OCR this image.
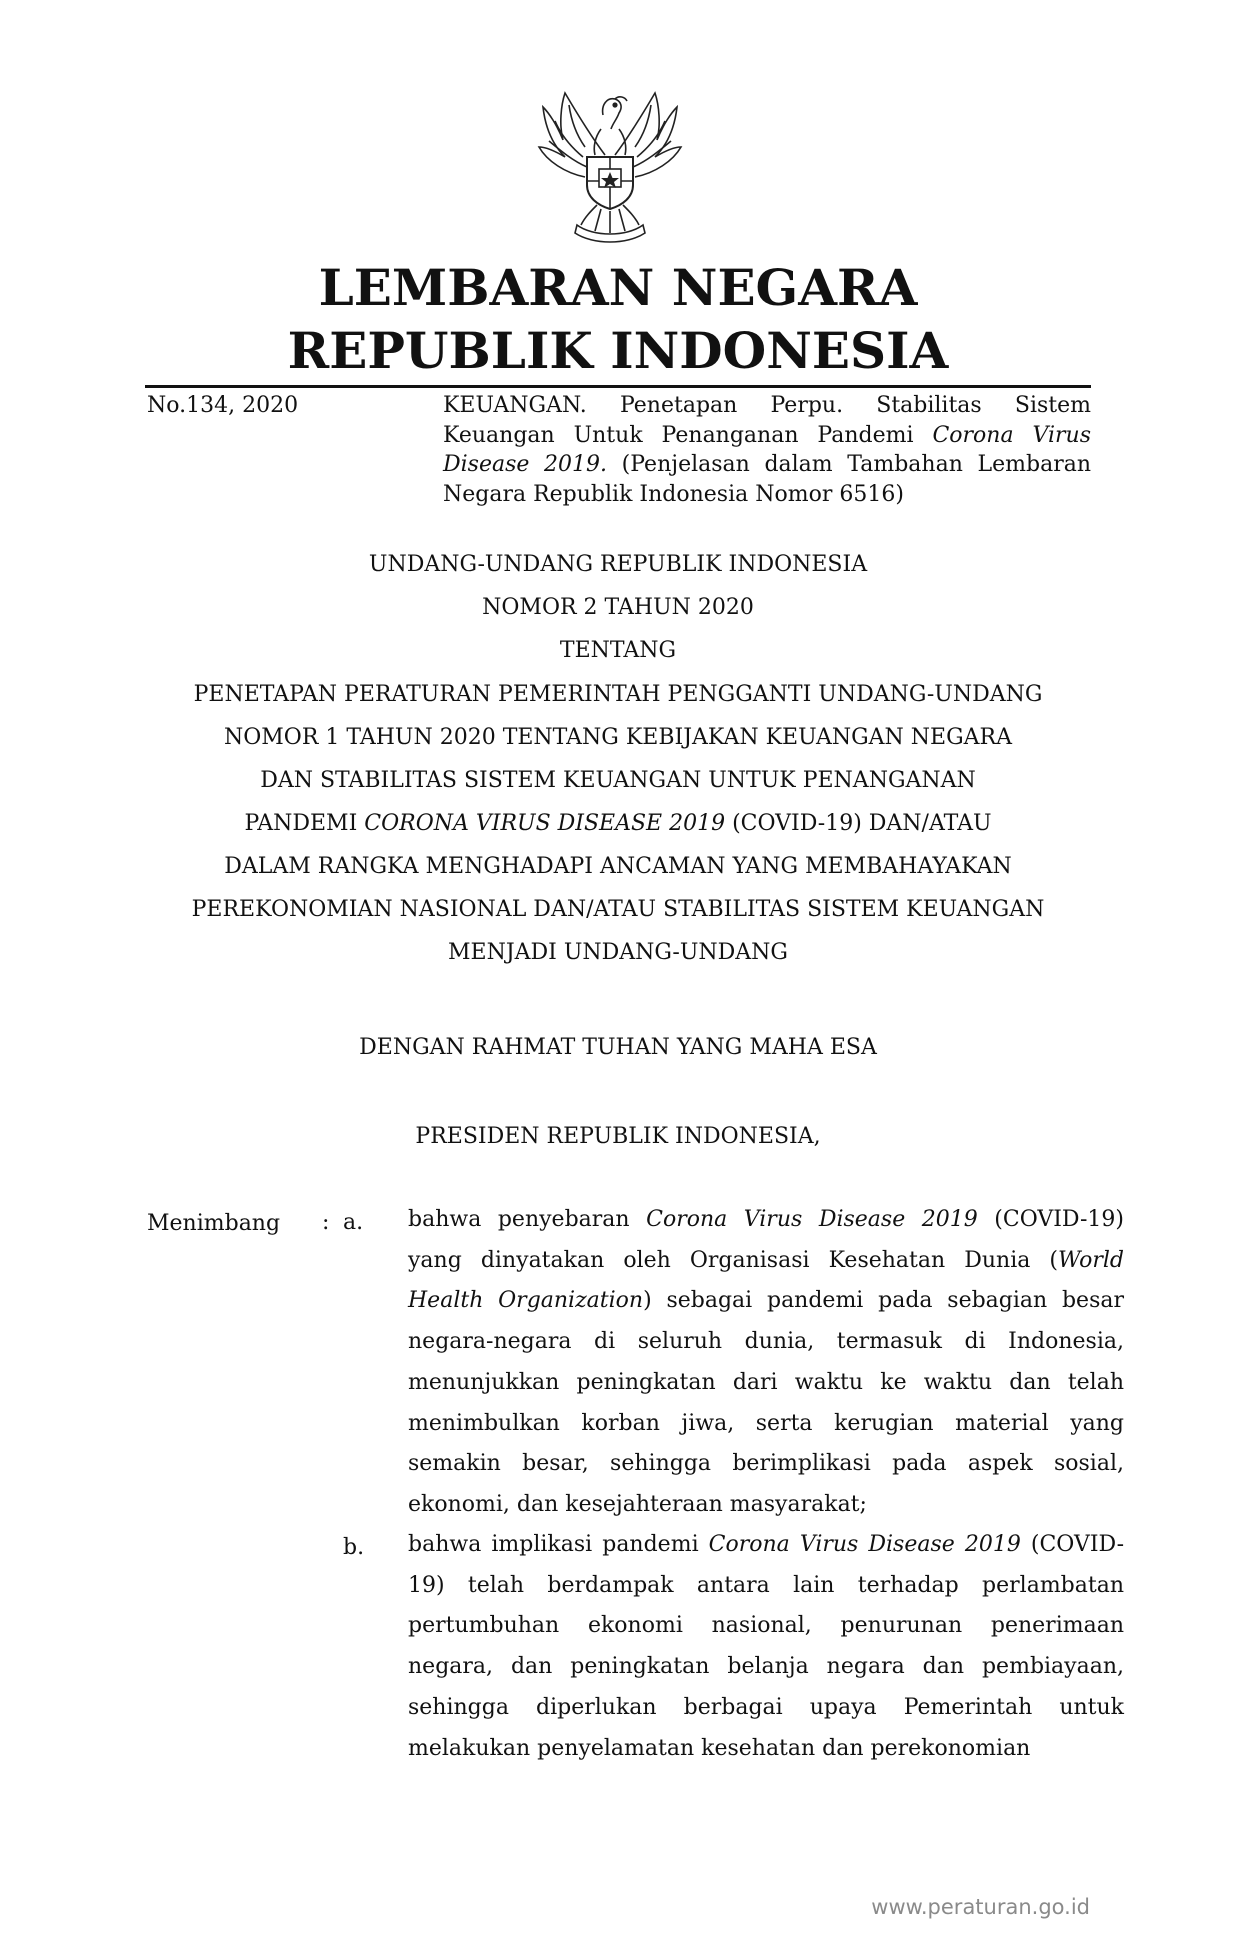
LEMBARAN NEGARA
REPUBLIK INDONESIA
No.134, 2020	KEUANGAN. Penetapan Perpu. Stabilitas Sistem Keuangan Untuk Penanganan Pandemi Corona Virus Disease 2019. (Penjelasan dalam Tambahan Lembaran Negara Republik Indonesia Nomor 6516)
UNDANG-UNDANG REPUBLIK INDONESIA
NOMOR 2 TAHUN 2020
TENTANG
PENETAPAN PERATURAN PEMERINTAH PENGGANTI UNDANG-UNDANG
NOMOR 1 TAHUN 2020 TENTANG KEBIJAKAN KEUANGAN NEGARA
DAN STABILITAS SISTEM KEUANGAN UNTUK PENANGANAN
PANDEMI CORONA VIRUS DISEASE 2019 (COVID-19) DAN/ATAU
DALAM RANGKA MENGHADAPI ANCAMAN YANG MEMBAHAYAKAN
PEREKONOMIAN NASIONAL DAN/ATAU STABILITAS SISTEM KEUANGAN
MENJADI UNDANG-UNDANG
DENGAN RAHMAT TUHAN YANG MAHA ESA
PRESIDEN REPUBLIK INDONESIA,
Menimbang : a. bahwa penyebaran Corona Virus Disease 2019 (COVID-19) yang dinyatakan oleh Organisasi Kesehatan Dunia (World Health Organization) sebagai pandemi pada sebagian besar negara-negara di seluruh dunia, termasuk di Indonesia, menunjukkan peningkatan dari waktu ke waktu dan telah menimbulkan korban jiwa, serta kerugian material yang semakin besar, sehingga berimplikasi pada aspek sosial, ekonomi, dan kesejahteraan masyarakat;
b. bahwa implikasi pandemi Corona Virus Disease 2019 (COVID-19) telah berdampak antara lain terhadap perlambatan pertumbuhan ekonomi nasional, penurunan penerimaan negara, dan peningkatan belanja negara dan pembiayaan, sehingga diperlukan berbagai upaya Pemerintah untuk melakukan penyelamatan kesehatan dan perekonomian
www.peraturan.go.id
